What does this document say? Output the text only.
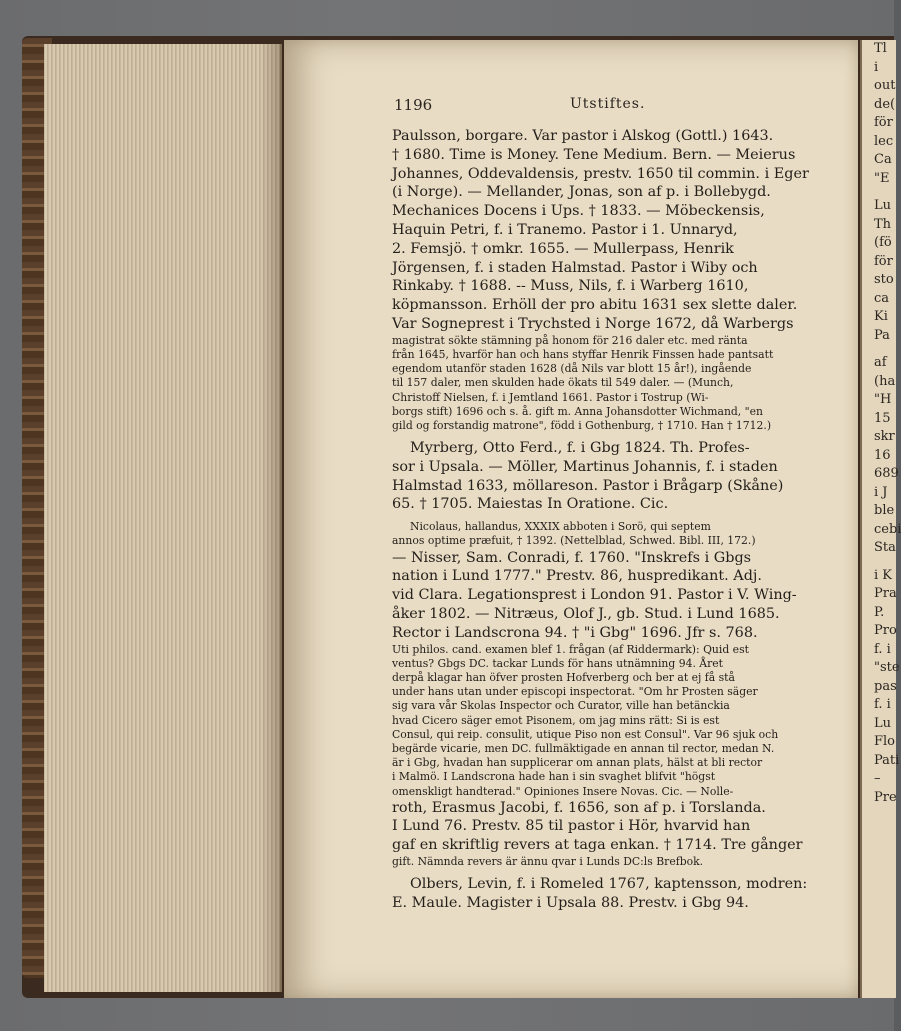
1196	Utstiftes.
Paulsson, borgare. Var pastor i Alskog (Gottl.) 1643.
† 1680. Time is Money. Tene Medium. Bern. — Meierus
Johannes, Oddevaldensis, prestv. 1650 til commin. i Eger
(i Norge). — Mellander, Jonas, son af p. i Bollebygd.
Mechanices Docens i Ups. † 1833. — Möbeckensis,
Haquin Petri, f. i Tranemo. Pastor i 1. Unnaryd,
2. Femsjö. † omkr. 1655. — Mullerpass, Henrik
Jörgensen, f. i staden Halmstad. Pastor i Wiby och
Rinkaby. † 1688. -- Muss, Nils, f. i Warberg 1610,
köpmansson. Erhöll der pro abitu 1631 sex slette daler.
Var Sogneprest i Trychsted i Norge 1672, då Warbergs
magistrat sökte stämning på honom för 216 daler etc. med ränta
från 1645, hvarför han och hans styffar Henrik Finssen hade pantsatt
egendom utanför staden 1628 (då Nils var blott 15 år!), ingående
til 157 daler, men skulden hade ökats til 549 daler. — (Munch,
Christoff Nielsen, f. i Jemtland 1661. Pastor i Tostrup (Wi-
borgs stift) 1696 och s. å. gift m. Anna Johansdotter Wichmand, "en
gild og forstandig matrone", född i Gothenburg, † 1710. Han † 1712.)
Myrberg, Otto Ferd., f. i Gbg 1824. Th. Profes-
sor i Upsala. — Möller, Martinus Johannis, f. i staden
Halmstad 1633, möllareson. Pastor i Brågarp (Skåne)
65. † 1705. Maiestas In Oratione. Cic.
Nicolaus, hallandus, XXXIX abboten i Sorö, qui septem
annos optime præfuit, † 1392. (Nettelblad, Schwed. Bibl. III, 172.)
— Nisser, Sam. Conradi, f. 1760. "Inskrefs i Gbgs
nation i Lund 1777." Prestv. 86, huspredikant. Adj.
vid Clara. Legationsprest i London 91. Pastor i V. Wing-
åker 1802. — Nitræus, Olof J., gb. Stud. i Lund 1685.
Rector i Landscrona 94. † "i Gbg" 1696. Jfr s. 768.
Uti philos. cand. examen blef 1. frågan (af Riddermark): Quid est
ventus? Gbgs DC. tackar Lunds för hans utnämning 94. Året
derpå klagar han öfver prosten Hofverberg och ber at ej få stå
under hans utan under episcopi inspectorat. "Om hr Prosten säger
sig vara vår Skolas Inspector och Curator, ville han betänckia
hvad Cicero säger emot Pisonem, om jag mins rätt: Si is est
Consul, qui reip. consulit, utique Piso non est Consul". Var 96 sjuk och
begärde vicarie, men DC. fullmäktigade en annan til rector, medan N.
är i Gbg, hvadan han supplicerar om annan plats, hälst at bli rector
i Malmö. I Landscrona hade han i sin svaghet blifvit "högst
omenskligt handterad." Opiniones Insere Novas. Cic. — Nolle-
roth, Erasmus Jacobi, f. 1656, son af p. i Torslanda.
I Lund 76. Prestv. 85 til pastor i Hör, hvarvid han
gaf en skriftlig revers at taga enkan. † 1714. Tre gånger
gift. Nämnda revers är ännu qvar i Lunds DC:ls Brefbok.
Olbers, Levin, f. i Romeled 1767, kaptensson, modren:
E. Maule. Magister i Upsala 88. Prestv. i Gbg 94.
Tl
i
out
de(
för
lec
Ca
"E
Lu
Th
(fö
för
sto
ca
Ki
Pa
af
(ha
"H
15
skr
16
689
i J
ble
cebi
Sta
i K
Pra
P.
Pro
f. i
"ste
pas
f. i
Lu
Flo
Pati
–
Pre
